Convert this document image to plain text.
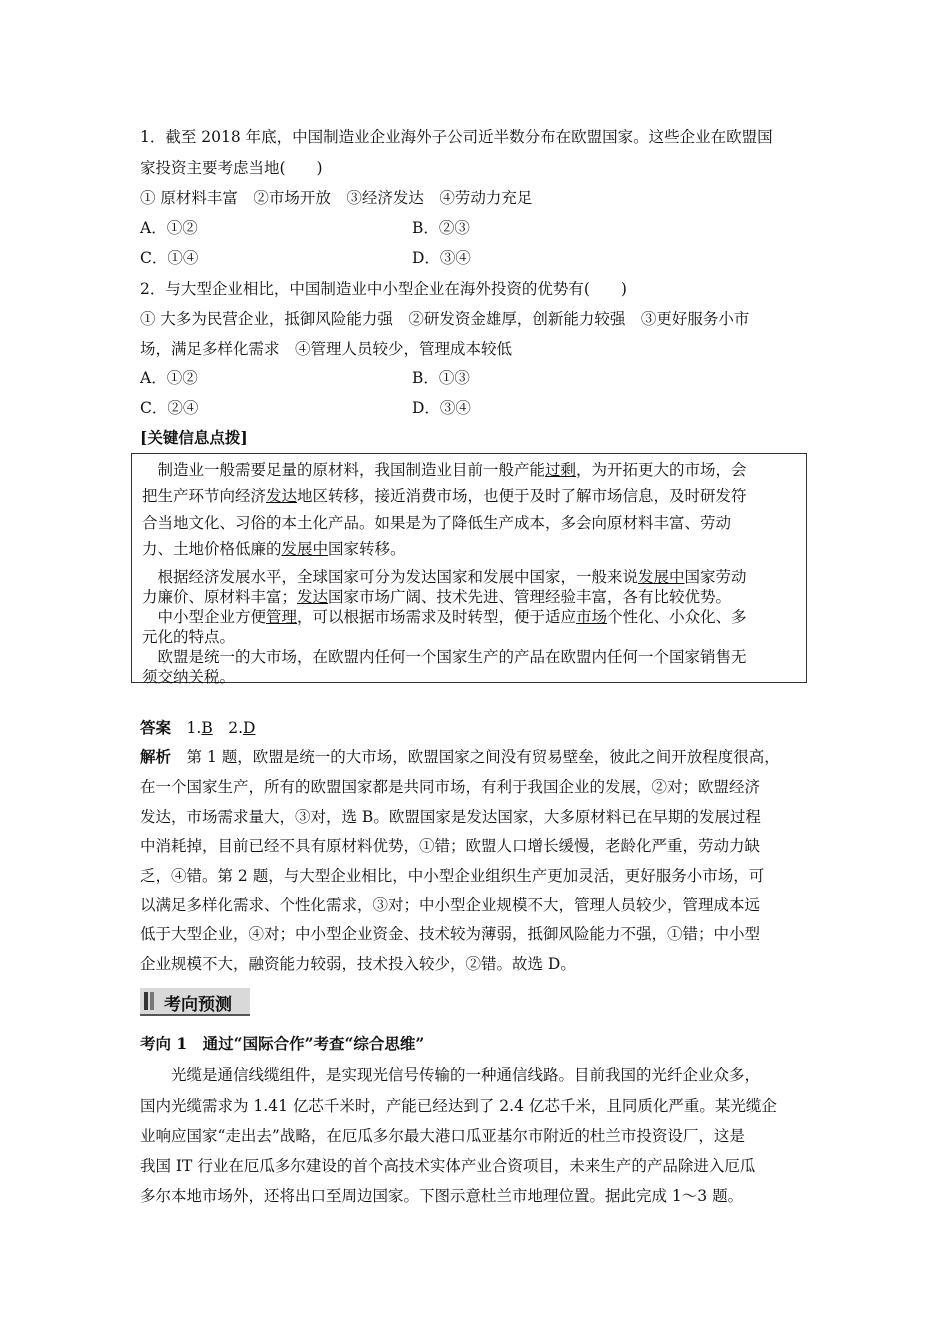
1．截至 2018 年底，中国制造业企业海外子公司近半数分布在欧盟国家。这些企业在欧盟国
家投资主要考虑当地(　　)
① 原材料丰富　②市场开放　③经济发达　④劳动力充足
A．①②	B．②③
C．①④	D．③④
2．与大型企业相比，中国制造业中小型企业在海外投资的优势有(　　)
① 大多为民营企业，抵御风险能力强　②研发资金雄厚，创新能力较强　③更好服务小市
场，满足多样化需求　④管理人员较少，管理成本较低
A．①②	B．①③
C．②④	D．③④
[关键信息点拨]
　制造业一般需要足量的原材料，我国制造业目前一般产能过剩，为开拓更大的市场，会
把生产环节向经济发达地区转移，接近消费市场，也便于及时了解市场信息，及时研发符
合当地文化、习俗的本土化产品。如果是为了降低生产成本，多会向原材料丰富、劳动
力、土地价格低廉的发展中国家转移。
　根据经济发展水平，全球国家可分为发达国家和发展中国家，一般来说发展中国家劳动
力廉价、原材料丰富；发达国家市场广阔、技术先进、管理经验丰富，各有比较优势。
　中小型企业方便管理，可以根据市场需求及时转型，便于适应市场个性化、小众化、多
元化的特点。
　欧盟是统一的大市场，在欧盟内任何一个国家生产的产品在欧盟内任何一个国家销售无
须交纳关税。
答案　 1.B　 2.D
解析　第 1 题，欧盟是统一的大市场，欧盟国家之间没有贸易壁垒，彼此之间开放程度很高，
在一个国家生产，所有的欧盟国家都是共同市场，有利于我国企业的发展，②对；欧盟经济
发达，市场需求量大，③对，选 B。欧盟国家是发达国家，大多原材料已在早期的发展过程
中消耗掉，目前已经不具有原材料优势，①错；欧盟人口增长缓慢，老龄化严重，劳动力缺
乏，④错。第 2 题，与大型企业相比，中小型企业组织生产更加灵活，更好服务小市场，可
以满足多样化需求、个性化需求，③对；中小型企业规模不大，管理人员较少，管理成本远
低于大型企业，④对；中小型企业资金、技术较为薄弱，抵御风险能力不强，①错；中小型
企业规模不大，融资能力较弱，技术投入较少，②错。故选 D。
考向预测
考向 1　通过“国际合作”考查“综合思维”
　　光缆是通信线缆组件，是实现光信号传输的一种通信线路。目前我国的光纤企业众多，
国内光缆需求为 1.41 亿芯千米时，产能已经达到了 2.4 亿芯千米，且同质化严重。某光缆企
业响应国家“走出去”战略，在厄瓜多尔最大港口瓜亚基尔市附近的杜兰市投资设厂，这是
我国 IT 行业在厄瓜多尔建设的首个高技术实体产业合资项目，未来生产的产品除进入厄瓜
多尔本地市场外，还将出口至周边国家。下图示意杜兰市地理位置。据此完成 1～3 题。
